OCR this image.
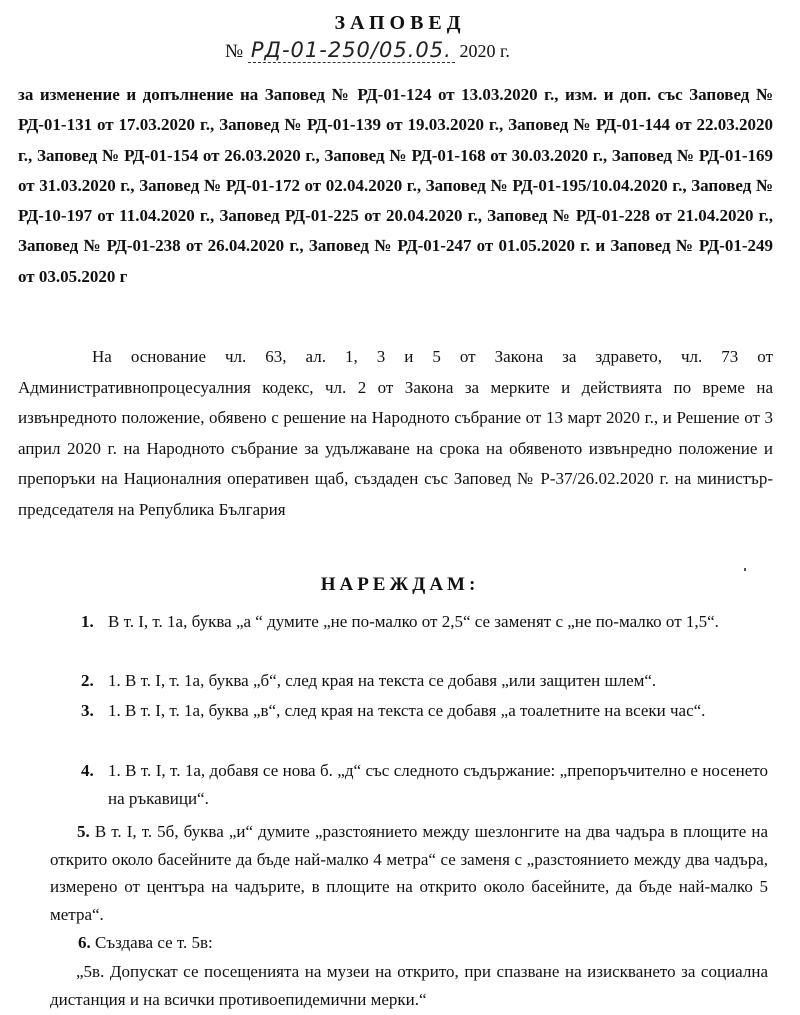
ЗАПОВЕД
№ РД-01-250/05.05. 2020 г.
за изменение и допълнение на Заповед № РД-01-124 от 13.03.2020 г., изм. и доп. със Заповед № РД-01-131 от 17.03.2020 г., Заповед № РД-01-139 от 19.03.2020 г., Заповед № РД-01-144 от 22.03.2020 г., Заповед № РД-01-154 от 26.03.2020 г., Заповед № РД-01-168 от 30.03.2020 г., Заповед № РД-01-169 от 31.03.2020 г., Заповед № РД-01-172 от 02.04.2020 г., Заповед № РД-01-195/10.04.2020 г., Заповед № РД-10-197 от 11.04.2020 г., Заповед РД-01-225 от 20.04.2020 г., Заповед № РД-01-228 от 21.04.2020 г., Заповед № РД-01-238 от 26.04.2020 г., Заповед № РД-01-247 от 01.05.2020 г. и Заповед № РД-01-249 от 03.05.2020 г
На основание чл. 63, ал. 1, 3 и 5 от Закона за здравето, чл. 73 от Административнопроцесуалния кодекс, чл. 2 от Закона за мерките и действията по време на извънредното положение, обявено с решение на Народното събрание от 13 март 2020 г., и Решение от 3 април 2020 г. на Народното събрание за удължаване на срока на обявеното извънредно положение и препоръки на Националния оперативен щаб, създаден със Заповед № Р-37/26.02.2020 г. на министър-председателя на Република България
НАРЕЖДАМ:
1. В т. I, т. 1а, буква „а “ думите „не по-малко от 2,5“ се заменят с „не по-малко от 1,5“.
2. 1. В т. I, т. 1а, буква „б“, след края на текста се добавя „или защитен шлем“.
3. 1. В т. I, т. 1а, буква „в“, след края на текста се добавя „а тоалетните на всеки час“.
4. 1. В т. I, т. 1а, добавя се нова б. „д“ със следното съдържание: „препоръчително е носенето на ръкавици“.
5. В т. I, т. 5б, буква „и“ думите „разстоянието между шезлонгите на два чадъра в площите на открито около басейните да бъде най-малко 4 метра“ се заменя с „разстоянието между два чадъра, измерено от центъра на чадърите, в площите на открито около басейните, да бъде най-малко 5 метра“.
6. Създава се т. 5в:
„5в. Допускат се посещенията на музеи на открито, при спазване на изискването за социална дистанция и на всички противоепидемични мерки.“
